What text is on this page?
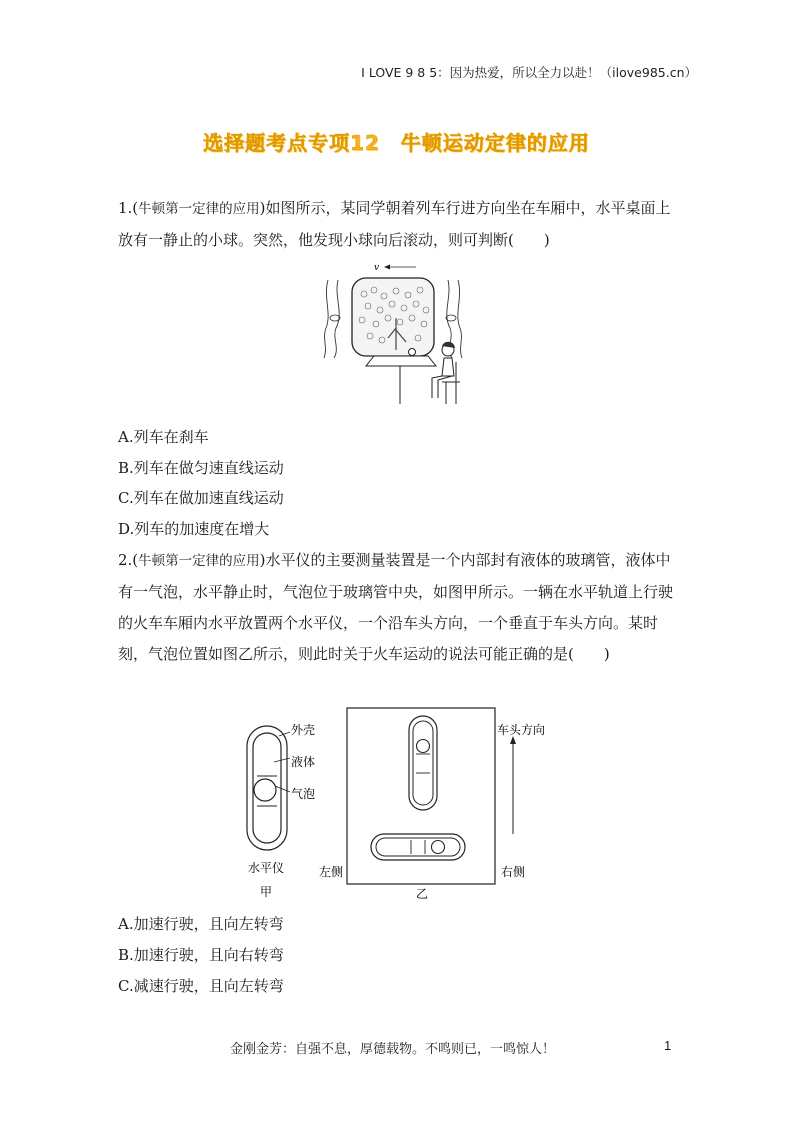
I LOVE 9 8 5：因为热爱，所以全力以赴！（ilove985.cn）
选择题考点专项12　牛顿运动定律的应用
1.(牛顿第一定律的应用)如图所示，某同学朝着列车行进方向坐在车厢中，水平桌面上放有一静止的小球。突然，他发现小球向后滚动，则可判断(　　)
v
A.列车在刹车
B.列车在做匀速直线运动
C.列车在做加速直线运动
D.列车的加速度在增大
2.(牛顿第一定律的应用)水平仪的主要测量装置是一个内部封有液体的玻璃管，液体中有一气泡，水平静止时，气泡位于玻璃管中央，如图甲所示。一辆在水平轨道上行驶的火车车厢内水平放置两个水平仪，一个沿车头方向，一个垂直于车头方向。某时刻，气泡位置如图乙所示，则此时关于火车运动的说法可能正确的是(　　)
外壳
液体
气泡
水平仪
甲
车头方向
左侧	右侧
乙
A.加速行驶，且向左转弯
B.加速行驶，且向右转弯
C.减速行驶，且向左转弯
金刚金芳：自强不息，厚德载物。不鸣则已，一鸣惊人！	1
